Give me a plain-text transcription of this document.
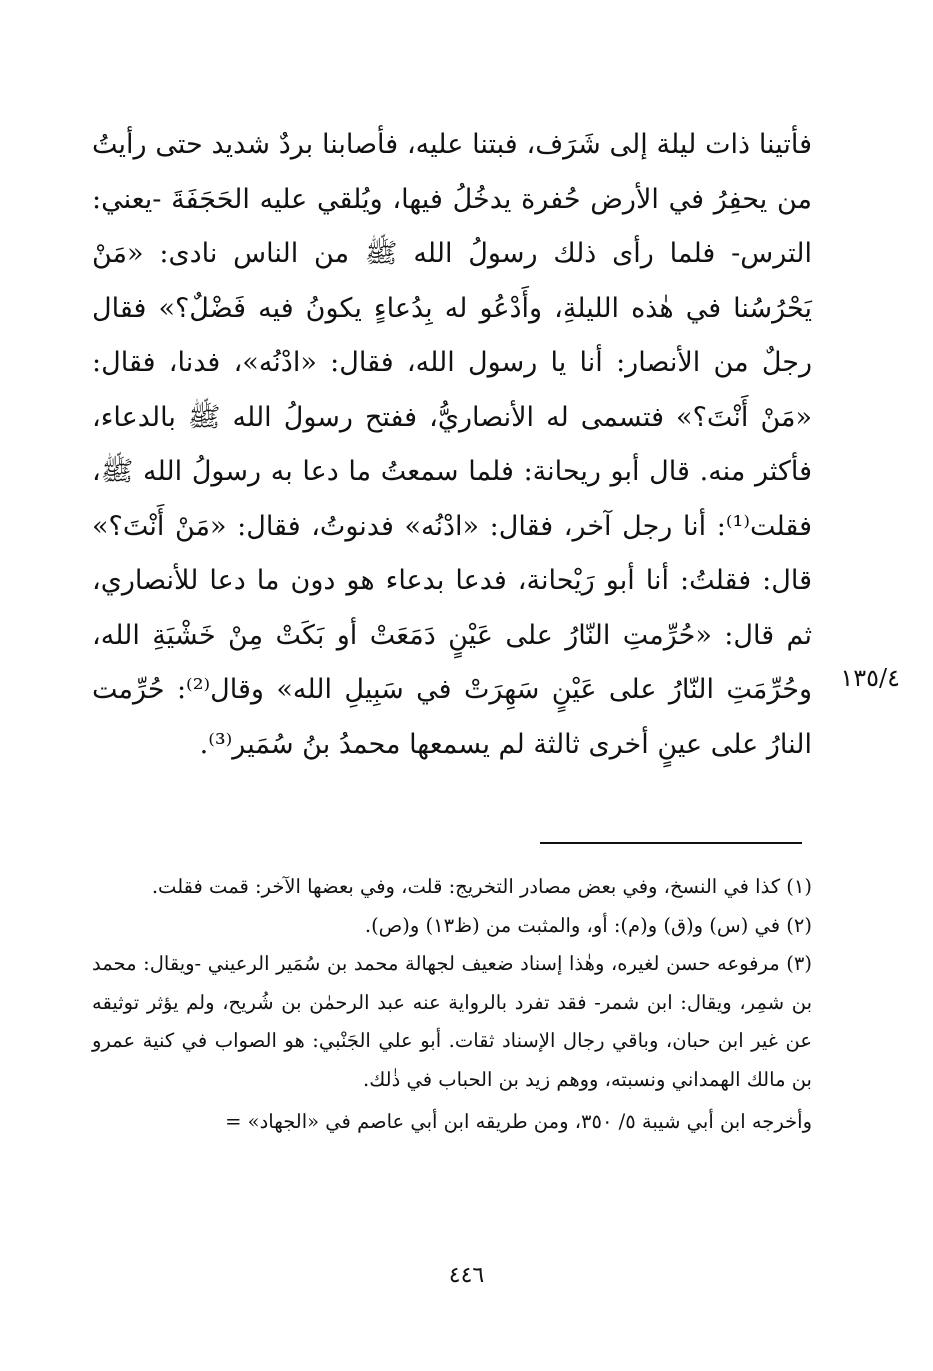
فأتينا ذات ليلة إلى شَرَف، فبتنا عليه، فأصابنا بردٌ شديد حتى رأيتُ من يحفِرُ في الأرض حُفرة يدخُلُ فيها، ويُلقي عليه الحَجَفَةَ -يعني: الترس- فلما رأى ذلك رسولُ الله ﷺ من الناس نادى: «مَنْ يَحْرُسُنا في هٰذه الليلةِ، وأَدْعُو له بِدُعاءٍ يكونُ فيه فَضْلٌ؟» فقال رجلٌ من الأنصار: أنا يا رسول الله، فقال: «ادْنُه»، فدنا، فقال: «مَنْ أَنْتَ؟» فتسمى له الأنصاريُّ، ففتح رسولُ الله ﷺ بالدعاء، فأكثر منه. قال أبو ريحانة: فلما سمعتُ ما دعا به رسولُ الله ﷺ، فقلت⁽¹⁾: أنا رجل آخر، فقال: «ادْنُه» فدنوتُ، فقال: «مَنْ أَنْتَ؟» قال: فقلتُ: أنا أبو رَيْحانة، فدعا بدعاء هو دون ما دعا للأنصاري، ثم قال: «حُرِّمتِ النّارُ على عَيْنٍ دَمَعَتْ أو بَكَتْ مِنْ خَشْيَةِ الله، وحُرِّمَتِ النّارُ على عَيْنٍ سَهِرَتْ في سَبِيلِ الله» وقال⁽²⁾: حُرِّمت النارُ على عينٍ أخرى ثالثة لم يسمعها محمدُ بنُ سُمَير⁽³⁾.

١٣٥/٤

(١) كذا في النسخ، وفي بعض مصادر التخريج: قلت، وفي بعضها الآخر: قمت فقلت.

(٢) في (س) و(ق) و(م): أو، والمثبت من (ظ١٣) و(ص).

(٣) مرفوعه حسن لغيره، وهٰذا إسناد ضعيف لجهالة محمد بن سُمَير الرعيني -ويقال: محمد بن شمِر، ويقال: ابن شمر- فقد تفرد بالرواية عنه عبد الرحمٰن بن شُريح، ولم يؤثر توثيقه عن غير ابن حبان، وباقي رجال الإسناد ثقات. أبو علي الجَنْبي: هو الصواب في كنية عمرو بن مالك الهمداني ونسبته، ووهم زيد بن الحباب في ذٰلك.

وأخرجه ابن أبي شيبة ٥/ ٣٥٠، ومن طريقه ابن أبي عاصم في «الجهاد» =

٤٤٦
